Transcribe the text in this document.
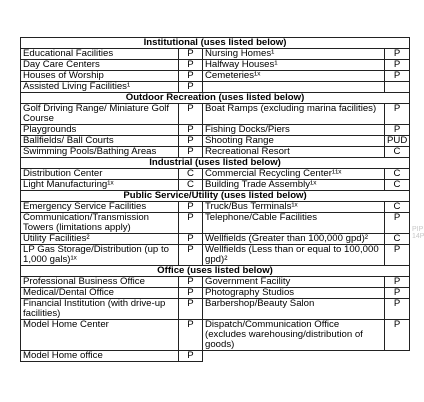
Institutional (uses listed below)			
Educational Facilities	P	Nursing Homes¹	P
Day Care Centers	P	Halfway Houses¹	P
Houses of Worship	P	Cemeteries¹ˣ	P
Assisted Living Facilities¹	P		
Outdoor Recreation (uses listed below)			
Golf Driving Range/ Miniature Golf Course	P	Boat Ramps (excluding marina facilities)	P
Playgrounds	P	Fishing Docks/Piers	P
Ballfields/ Ball Courts	P	Shooting Range	PUD
Swimming Pools/Bathing Areas	P	Recreational Resort	C
Industrial (uses listed below)			
Distribution Center	C	Commercial Recycling Center¹¹ˣ	C
Light Manufacturing¹ˣ	C	Building Trade Assembly¹ˣ	C
Public Service/Utility (uses listed below)			
Emergency Service Facilities	P	Truck/Bus Terminals¹ˣ	C
Communication/Transmission Towers (limitations apply)	P	Telephone/Cable Facilities	P
Utility Facilities²	P	Wellfields (Greater than 100,000 gpd)²	C
LP Gas Storage/Distribution (up to 1,000 gals)¹ˣ	P	Wellfields (Less than or equal to 100,000 gpd)²	P
Office (uses listed below)			
Professional Business Office	P	Government Facility	P
Medical/Dental Office	P	Photography Studios	P
Financial Institution (with drive-up facilities)	P	Barbershop/Beauty Salon	P
Model Home Center	P	Dispatch/Communication Office (excludes warehousing/distribution of goods)	P
Model Home office	P		
PIP 14P
